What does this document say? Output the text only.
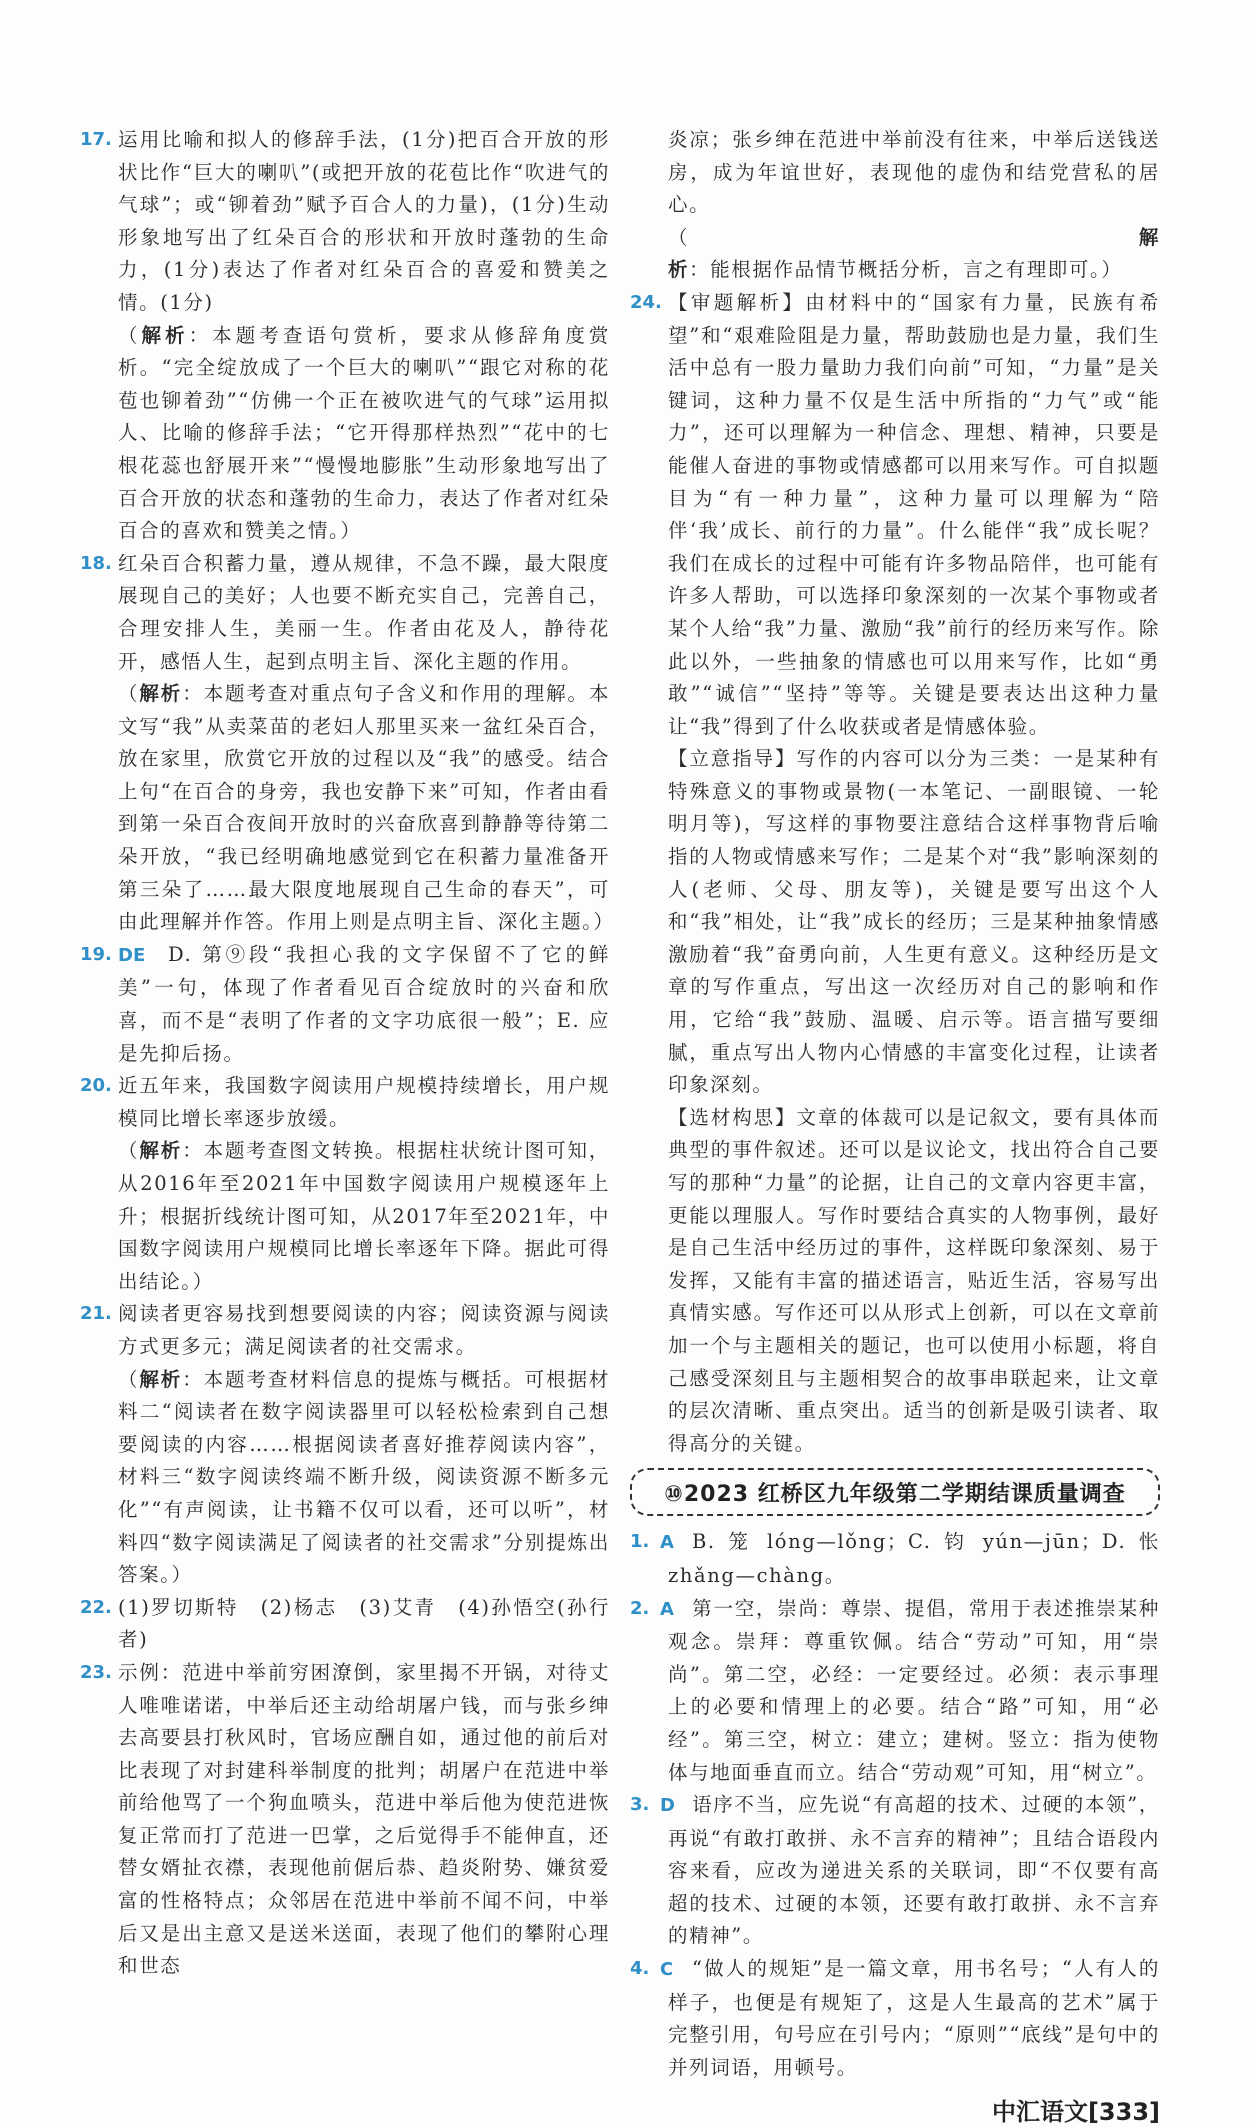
17. 运用比喻和拟人的修辞手法，(1分)把百合开放的形状比作“巨大的喇叭”(或把开放的花苞比作“吹进气的气球”；或“铆着劲”赋予百合人的力量)，(1分)生动形象地写出了红朵百合的形状和开放时蓬勃的生命力，(1分)表达了作者对红朵百合的喜爱和赞美之情。(1分)

（解析：本题考查语句赏析，要求从修辞角度赏析。“完全绽放成了一个巨大的喇叭”“跟它对称的花苞也铆着劲”“仿佛一个正在被吹进气的气球”运用拟人、比喻的修辞手法；“它开得那样热烈”“花中的七根花蕊也舒展开来”“慢慢地膨胀”生动形象地写出了百合开放的状态和蓬勃的生命力，表达了作者对红朵百合的喜欢和赞美之情。）

18. 红朵百合积蓄力量，遵从规律，不急不躁，最大限度展现自己的美好；人也要不断充实自己，完善自己，合理安排人生，美丽一生。作者由花及人，静待花开，感悟人生，起到点明主旨、深化主题的作用。

（解析：本题考查对重点句子含义和作用的理解。本文写“我”从卖菜苗的老妇人那里买来一盆红朵百合，放在家里，欣赏它开放的过程以及“我”的感受。结合上句“在百合的身旁，我也安静下来”可知，作者由看到第一朵百合夜间开放时的兴奋欣喜到静静等待第二朵开放，“我已经明确地感觉到它在积蓄力量准备开第三朵了……最大限度地展现自己生命的春天”，可由此理解并作答。作用上则是点明主旨、深化主题。）

19. DE D. 第⑨段“我担心我的文字保留不了它的鲜美”一句，体现了作者看见百合绽放时的兴奋和欣喜，而不是“表明了作者的文字功底很一般”；E. 应是先抑后扬。

20. 近五年来，我国数字阅读用户规模持续增长，用户规模同比增长率逐步放缓。

（解析：本题考查图文转换。根据柱状统计图可知，从2016年至2021年中国数字阅读用户规模逐年上升；根据折线统计图可知，从2017年至2021年，中国数字阅读用户规模同比增长率逐年下降。据此可得出结论。）

21. 阅读者更容易找到想要阅读的内容；阅读资源与阅读方式更多元；满足阅读者的社交需求。

（解析：本题考查材料信息的提炼与概括。可根据材料二“阅读者在数字阅读器里可以轻松检索到自己想要阅读的内容……根据阅读者喜好推荐阅读内容”，材料三“数字阅读终端不断升级，阅读资源不断多元化”“有声阅读，让书籍不仅可以看，还可以听”，材料四“数字阅读满足了阅读者的社交需求”分别提炼出答案。）

22. (1)罗切斯特　(2)杨志　(3)艾青　(4)孙悟空(孙行者)

23. 示例：范进中举前穷困潦倒，家里揭不开锅，对待丈人唯唯诺诺，中举后还主动给胡屠户钱，而与张乡绅去高要县打秋风时，官场应酬自如，通过他的前后对比表现了对封建科举制度的批判；胡屠户在范进中举前给他骂了一个狗血喷头，范进中举后他为使范进恢复正常而打了范进一巴掌，之后觉得手不能伸直，还替女婿扯衣襟，表现他前倨后恭、趋炎附势、嫌贫爱富的性格特点；众邻居在范进中举前不闻不问，中举后又是出主意又是送米送面，表现了他们的攀附心理和世态

炎凉；张乡绅在范进中举前没有往来，中举后送钱送房，成为年谊世好，表现他的虚伪和结党营私的居心。

（解析：能根据作品情节概括分析，言之有理即可。）

24. 【审题解析】由材料中的“国家有力量，民族有希望”和“艰难险阻是力量，帮助鼓励也是力量，我们生活中总有一股力量助力我们向前”可知，“力量”是关键词，这种力量不仅是生活中所指的“力气”或“能力”，还可以理解为一种信念、理想、精神，只要是能催人奋进的事物或情感都可以用来写作。可自拟题目为“有一种力量”，这种力量可以理解为“陪伴‘我’成长、前行的力量”。什么能伴“我”成长呢？我们在成长的过程中可能有许多物品陪伴，也可能有许多人帮助，可以选择印象深刻的一次某个事物或者某个人给“我”力量、激励“我”前行的经历来写作。除此以外，一些抽象的情感也可以用来写作，比如“勇敢”“诚信”“坚持”等等。关键是要表达出这种力量让“我”得到了什么收获或者是情感体验。

【立意指导】写作的内容可以分为三类：一是某种有特殊意义的事物或景物(一本笔记、一副眼镜、一轮明月等)，写这样的事物要注意结合这样事物背后喻指的人物或情感来写作；二是某个对“我”影响深刻的人(老师、父母、朋友等)，关键是要写出这个人和“我”相处，让“我”成长的经历；三是某种抽象情感激励着“我”奋勇向前，人生更有意义。这种经历是文章的写作重点，写出这一次经历对自己的影响和作用，它给“我”鼓励、温暖、启示等。语言描写要细腻，重点写出人物内心情感的丰富变化过程，让读者印象深刻。

【选材构思】文章的体裁可以是记叙文，要有具体而典型的事件叙述。还可以是议论文，找出符合自己要写的那种“力量”的论据，让自己的文章内容更丰富，更能以理服人。写作时要结合真实的人物事例，最好是自己生活中经历过的事件，这样既印象深刻、易于发挥，又能有丰富的描述语言，贴近生活，容易写出真情实感。写作还可以从形式上创新，可以在文章前加一个与主题相关的题记，也可以使用小标题，将自己感受深刻且与主题相契合的故事串联起来，让文章的层次清晰、重点突出。适当的创新是吸引读者、取得高分的关键。

⑩2023 红桥区九年级第二学期结课质量调查
1. A B. 笼 lóng—lǒng；C. 钧 yún—jūn；D. 怅 zhǎng—chàng。

2. A 第一空，崇尚：尊崇、提倡，常用于表述推崇某种观念。崇拜：尊重钦佩。结合“劳动”可知，用“崇尚”。第二空，必经：一定要经过。必须：表示事理上的必要和情理上的必要。结合“路”可知，用“必经”。第三空，树立：建立；建树。竖立：指为使物体与地面垂直而立。结合“劳动观”可知，用“树立”。

3. D 语序不当，应先说“有高超的技术、过硬的本领”，再说“有敢打敢拼、永不言弃的精神”；且结合语段内容来看，应改为递进关系的关联词，即“不仅要有高超的技术、过硬的本领，还要有敢打敢拼、永不言弃的精神”。

4. C “做人的规矩”是一篇文章，用书名号；“人有人的样子，也便是有规矩了，这是人生最高的艺术”属于完整引用，句号应在引号内；“原则”“底线”是句中的并列词语，用顿号。

中汇语文[333]
